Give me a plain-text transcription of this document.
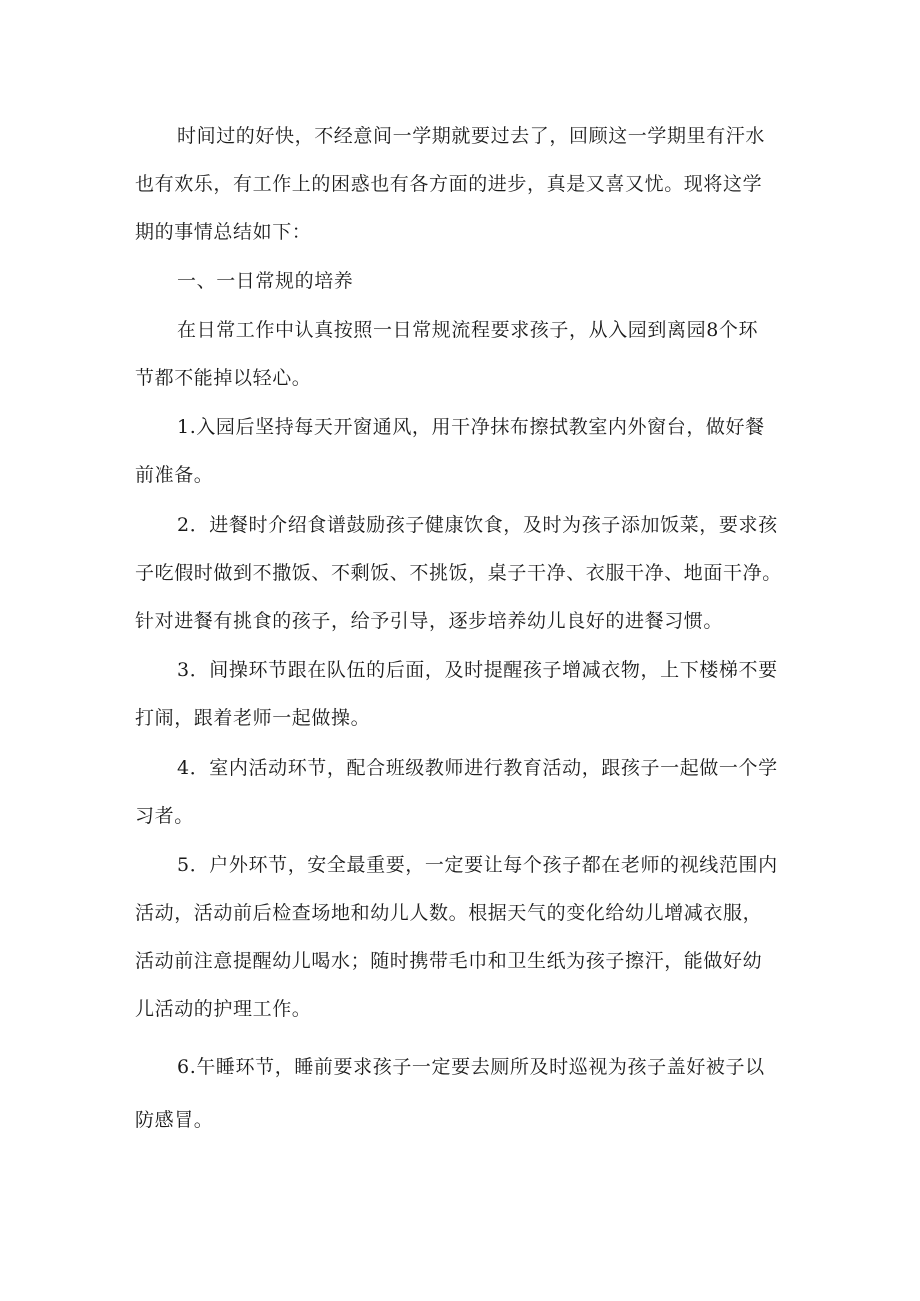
时间过的好快，不经意间一学期就要过去了，回顾这一学期里有汗水
也有欢乐，有工作上的困惑也有各方面的进步，真是又喜又忧。现将这学
期的事情总结如下：
一、一日常规的培养
在日常工作中认真按照一日常规流程要求孩子，从入园到离园8个环
节都不能掉以轻心。
1.入园后坚持每天开窗通风，用干净抹布擦拭教室内外窗台，做好餐
前准备。
2．进餐时介绍食谱鼓励孩子健康饮食，及时为孩子添加饭菜，要求孩
子吃假时做到不撒饭、不剩饭、不挑饭，桌子干净、衣服干净、地面干净。
针对进餐有挑食的孩子，给予引导，逐步培养幼儿良好的进餐习惯。
3．间操环节跟在队伍的后面，及时提醒孩子增减衣物，上下楼梯不要
打闹，跟着老师一起做操。
4．室内活动环节，配合班级教师进行教育活动，跟孩子一起做一个学
习者。
5．户外环节，安全最重要，一定要让每个孩子都在老师的视线范围内
活动，活动前后检查场地和幼儿人数。根据天气的变化给幼儿增减衣服，
活动前注意提醒幼儿喝水；随时携带毛巾和卫生纸为孩子擦汗，能做好幼
儿活动的护理工作。
6.午睡环节，睡前要求孩子一定要去厕所及时巡视为孩子盖好被子以
防感冒。
